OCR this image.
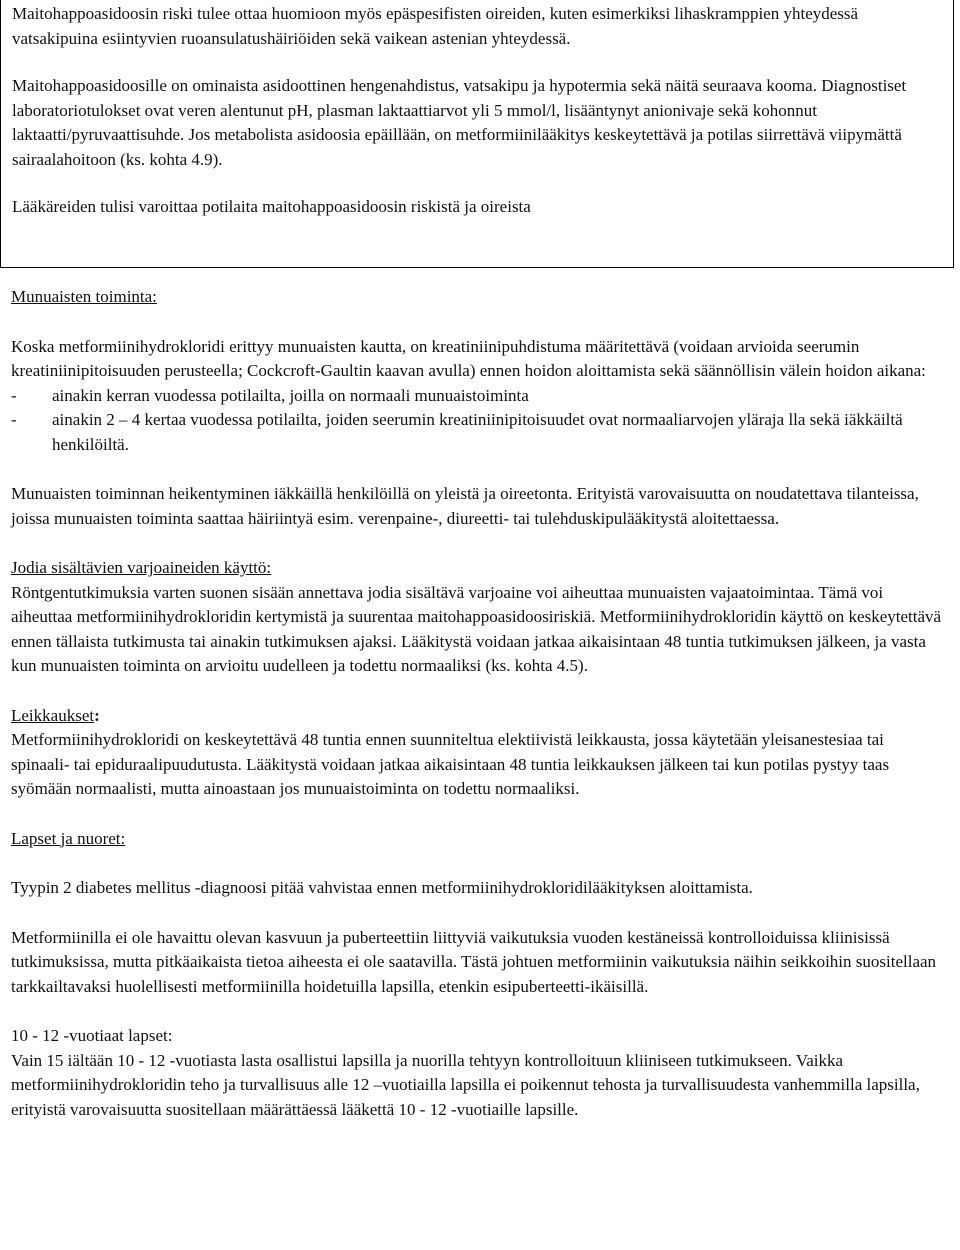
Maitohappoasidoosin riski tulee ottaa huomioon myös epäspesifisten oireiden, kuten esimerkiksi lihaskramppien yhteydessä vatsakipuina esiintyvien ruoansulatushäiriöiden sekä vaikean astenian yhteydessä.

Maitohappoasidoosille on ominaista asidoottinen hengenahdistus, vatsakipu ja hypotermia sekä näitä seuraava kooma. Diagnostiset laboratoriotulokset ovat veren alentunut pH, plasman laktaattiarvot yli 5 mmol/l, lisääntynyt anionivaje sekä kohonnut laktaatti/pyruvaattisuhde. Jos metabolista asidoosia epäillään, on metformiinilääkitys keskeytettävä ja potilas siirrettävä viipymättä sairaalahoitoon (ks. kohta 4.9).

Lääkäreiden tulisi varoittaa potilaita maitohappoasidoosin riskistä ja oireista

Munuaisten toiminta:

Koska metformiinihydrokloridi erittyy munuaisten kautta, on kreatiniinipuhdistuma määritettävä (voidaan arvioida seerumin kreatiniinipitoisuuden perusteella; Cockcroft-Gaultin kaavan avulla) ennen hoidon aloittamista sekä säännöllisin välein hoidon aikana:

- ainakin kerran vuodessa potilailta, joilla on normaali munuaistoiminta
- ainakin 2 – 4 kertaa vuodessa potilailta, joiden seerumin kreatiniinipitoisuudet ovat normaaliarvojen yläraja lla sekä iäkkäiltä henkilöiltä.

Munuaisten toiminnan heikentyminen iäkkäillä henkilöillä on yleistä ja oireetonta. Erityistä varovaisuutta on noudatettava tilanteissa, joissa munuaisten toiminta saattaa häiriintyä esim. verenpaine-, diureetti- tai tulehduskipulääkitystä aloitettaessa.

Jodia sisältävien varjoaineiden käyttö:

Röntgentutkimuksia varten suonen sisään annettava jodia sisältävä varjoaine voi aiheuttaa munuaisten vajaatoimintaa. Tämä voi aiheuttaa metformiinihydrokloridin kertymistä ja suurentaa maitohappoasidoosiriskiä. Metformiinihydrokloridin käyttö on keskeytettävä ennen tällaista tutkimusta tai ainakin tutkimuksen ajaksi. Lääkitystä voidaan jatkaa aikaisintaan 48 tuntia tutkimuksen jälkeen, ja vasta kun munuaisten toiminta on arvioitu uudelleen ja todettu normaaliksi (ks. kohta 4.5).

Leikkaukset:

Metformiinihydrokloridi on keskeytettävä 48 tuntia ennen suunniteltua elektiivistä leikkausta, jossa käytetään yleisanestesiaa tai spinaali- tai epiduraalipuudutusta. Lääkitystä voidaan jatkaa aikaisintaan 48 tuntia leikkauksen jälkeen tai kun potilas pystyy taas syömään normaalisti, mutta ainoastaan jos munuaistoiminta on todettu normaaliksi.

Lapset ja nuoret:

Tyypin 2 diabetes mellitus -diagnoosi pitää vahvistaa ennen metformiinihydrokloridilääkityksen aloittamista.

Metformiinilla ei ole havaittu olevan kasvuun ja puberteettiin liittyviä vaikutuksia vuoden kestäneissä kontrolloiduissa kliinisissä tutkimuksissa, mutta pitkäaikaista tietoa aiheesta ei ole saatavilla. Tästä johtuen metformiinin vaikutuksia näihin seikkoihin suositellaan tarkkailtavaksi huolellisesti metformiinilla hoidetuilla lapsilla, etenkin esipuberteetti-ikäisillä.

10 - 12 -vuotiaat lapset:

Vain 15 iältään 10 - 12 -vuotiasta lasta osallistui lapsilla ja nuorilla tehtyyn kontrolloituun kliiniseen tutkimukseen. Vaikka metformiinihydrokloridin teho ja turvallisuus alle 12 –vuotiailla lapsilla ei poikennut tehosta ja turvallisuudesta vanhemmilla lapsilla, erityistä varovaisuutta suositellaan määrättäessä lääkettä 10 - 12 -vuotiaille lapsille.
